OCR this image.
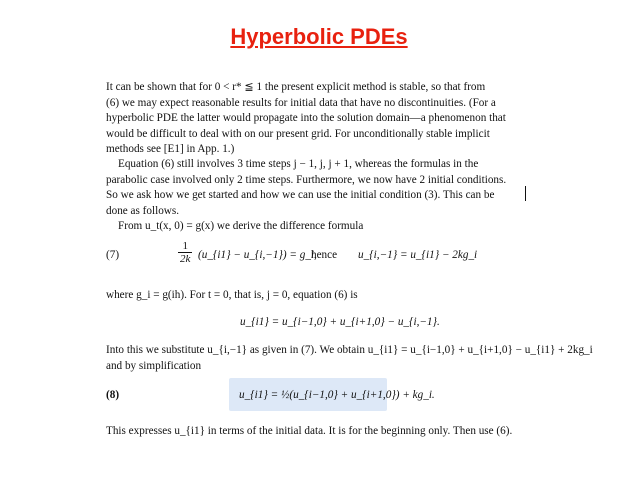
Hyperbolic PDEs
It can be shown that for 0 < r* ≦ 1 the present explicit method is stable, so that from
(6) we may expect reasonable results for initial data that have no discontinuities. (For a
hyperbolic PDE the latter would propagate into the solution domain—a phenomenon that
would be difficult to deal with on our present grid. For unconditionally stable implicit
methods see [E1] in App. 1.)
Equation (6) still involves 3 time steps j − 1, j, j + 1, whereas the formulas in the
parabolic case involved only 2 time steps. Furthermore, we now have 2 initial conditions.
So we ask how we get started and how we can use the initial condition (3). This can be
done as follows.
From u_t(x, 0) = g(x) we derive the difference formula
(7)	$\frac{1}{2k}$ (u_{i1} − u_{i,−1}) = g_i,
hence u_{i,−1} = u_{i1} − 2kg_i
where g_i = g(ih). For t = 0, that is, j = 0, equation (6) is
u_{i1} = u_{i−1,0} + u_{i+1,0} − u_{i,−1}.
Into this we substitute u_{i,−1} as given in (7). We obtain u_{i1} = u_{i−1,0} + u_{i+1,0} − u_{i1} + 2kg_i
and by simplification
(8)	u_{i1} = ½(u_{i−1,0} + u_{i+1,0}) + kg_i.
This expresses u_{i1} in terms of the initial data. It is for the beginning only. Then use (6).
